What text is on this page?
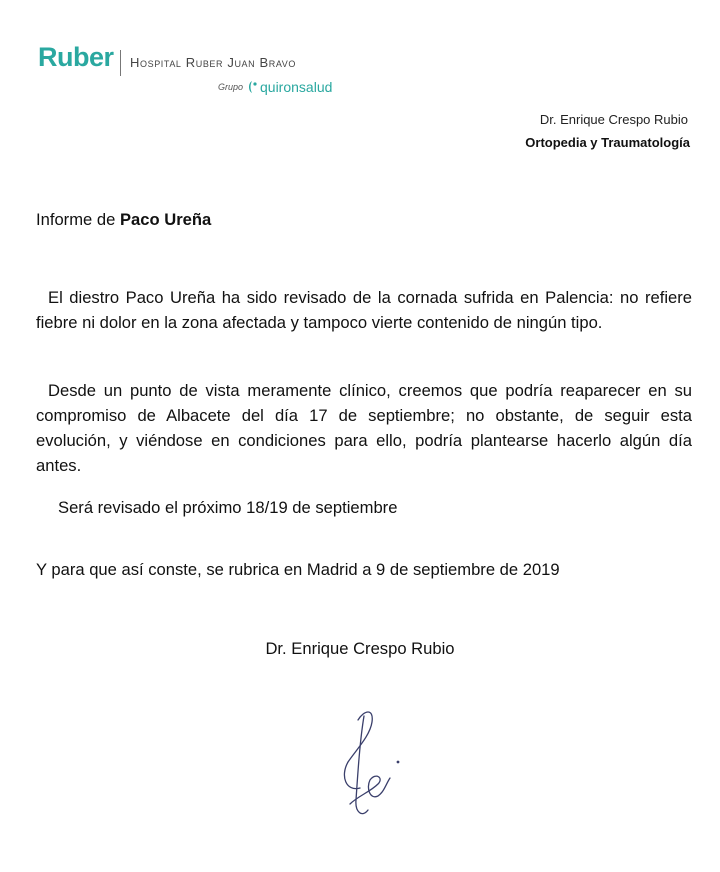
Ruber Hospital Ruber Juan Bravo
Grupo quironsalud
Dr. Enrique Crespo Rubio
Ortopedia y Traumatología
Informe de Paco Ureña
El diestro Paco Ureña ha sido revisado de la cornada sufrida en Palencia: no refiere fiebre ni dolor en la zona afectada y tampoco vierte contenido de ningún tipo.
Desde un punto de vista meramente clínico, creemos que podría reaparecer en su compromiso de Albacete del día 17 de septiembre; no obstante, de seguir esta evolución, y viéndose en condiciones para ello, podría plantearse hacerlo algún día antes.
Será revisado el próximo 18/19 de septiembre
Y para que así conste, se rubrica en Madrid a 9 de septiembre de 2019
Dr. Enrique Crespo Rubio
